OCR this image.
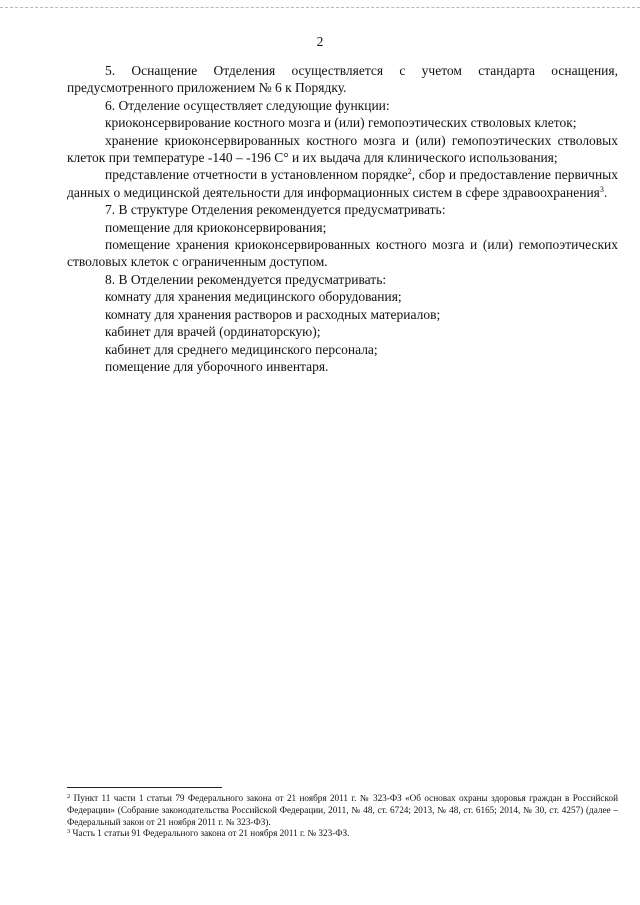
2

5. Оснащение Отделения осуществляется с учетом стандарта оснащения, предусмотренного приложением № 6 к Порядку.

6. Отделение осуществляет следующие функции:

криоконсервирование костного мозга и (или) гемопоэтических стволовых клеток;

хранение криоконсервированных костного мозга и (или) гемопоэтических стволовых клеток при температуре -140 – -196 С° и их выдача для клинического использования;

представление отчетности в установленном порядке$^2$, сбор и предоставление первичных данных о медицинской деятельности для информационных систем в сфере здравоохранения$^3$.

7. В структуре Отделения рекомендуется предусматривать:

помещение для криоконсервирования;

помещение хранения криоконсервированных костного мозга и (или) гемопоэтических стволовых клеток с ограниченным доступом.

8. В Отделении рекомендуется предусматривать:

комнату для хранения медицинского оборудования;

комнату для хранения растворов и расходных материалов;

кабинет для врачей (ординаторскую);

кабинет для среднего медицинского персонала;

помещение для уборочного инвентаря.

$^2$ Пункт 11 части 1 статьи 79 Федерального закона от 21 ноября 2011 г. № 323-ФЗ «Об основах охраны здоровья граждан в Российской Федерации» (Собрание законодательства Российской Федерации, 2011, № 48, ст. 6724; 2013, № 48, ст. 6165; 2014, № 30, ст. 4257) (далее – Федеральный закон от 21 ноября 2011 г. № 323-ФЗ).

$^3$ Часть 1 статьи 91 Федерального закона от 21 ноября 2011 г. № 323-ФЗ.
